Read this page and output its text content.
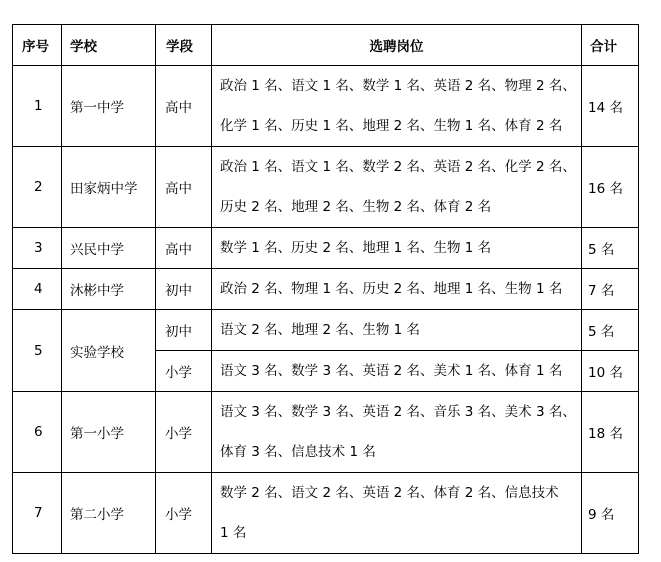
序号	学校	学段	选聘岗位	合计
1	第一中学	高中	政治 1 名、语文 1 名、数学 1 名、英语 2 名、物理 2 名、
化学 1 名、历史 1 名、地理 2 名、生物 1 名、体育 2 名	14 名
2	田家炳中学	高中	政治 1 名、语文 1 名、数学 2 名、英语 2 名、化学 2 名、
历史 2 名、地理 2 名、生物 2 名、体育 2 名	16 名
3	兴民中学	高中	数学 1 名、历史 2 名、地理 1 名、生物 1 名	5 名
4	沐彬中学	初中	政治 2 名、物理 1 名、历史 2 名、地理 1 名、生物 1 名	7 名
5	实验学校	初中	语文 2 名、地理 2 名、生物 1 名	5 名
		小学	语文 3 名、数学 3 名、英语 2 名、美术 1 名、体育 1 名	10 名
6	第一小学	小学	语文 3 名、数学 3 名、英语 2 名、音乐 3 名、美术 3 名、
体育 3 名、信息技术 1 名	18 名
7	第二小学	小学	数学 2 名、语文 2 名、英语 2 名、体育 2 名、信息技术
1 名	9 名
